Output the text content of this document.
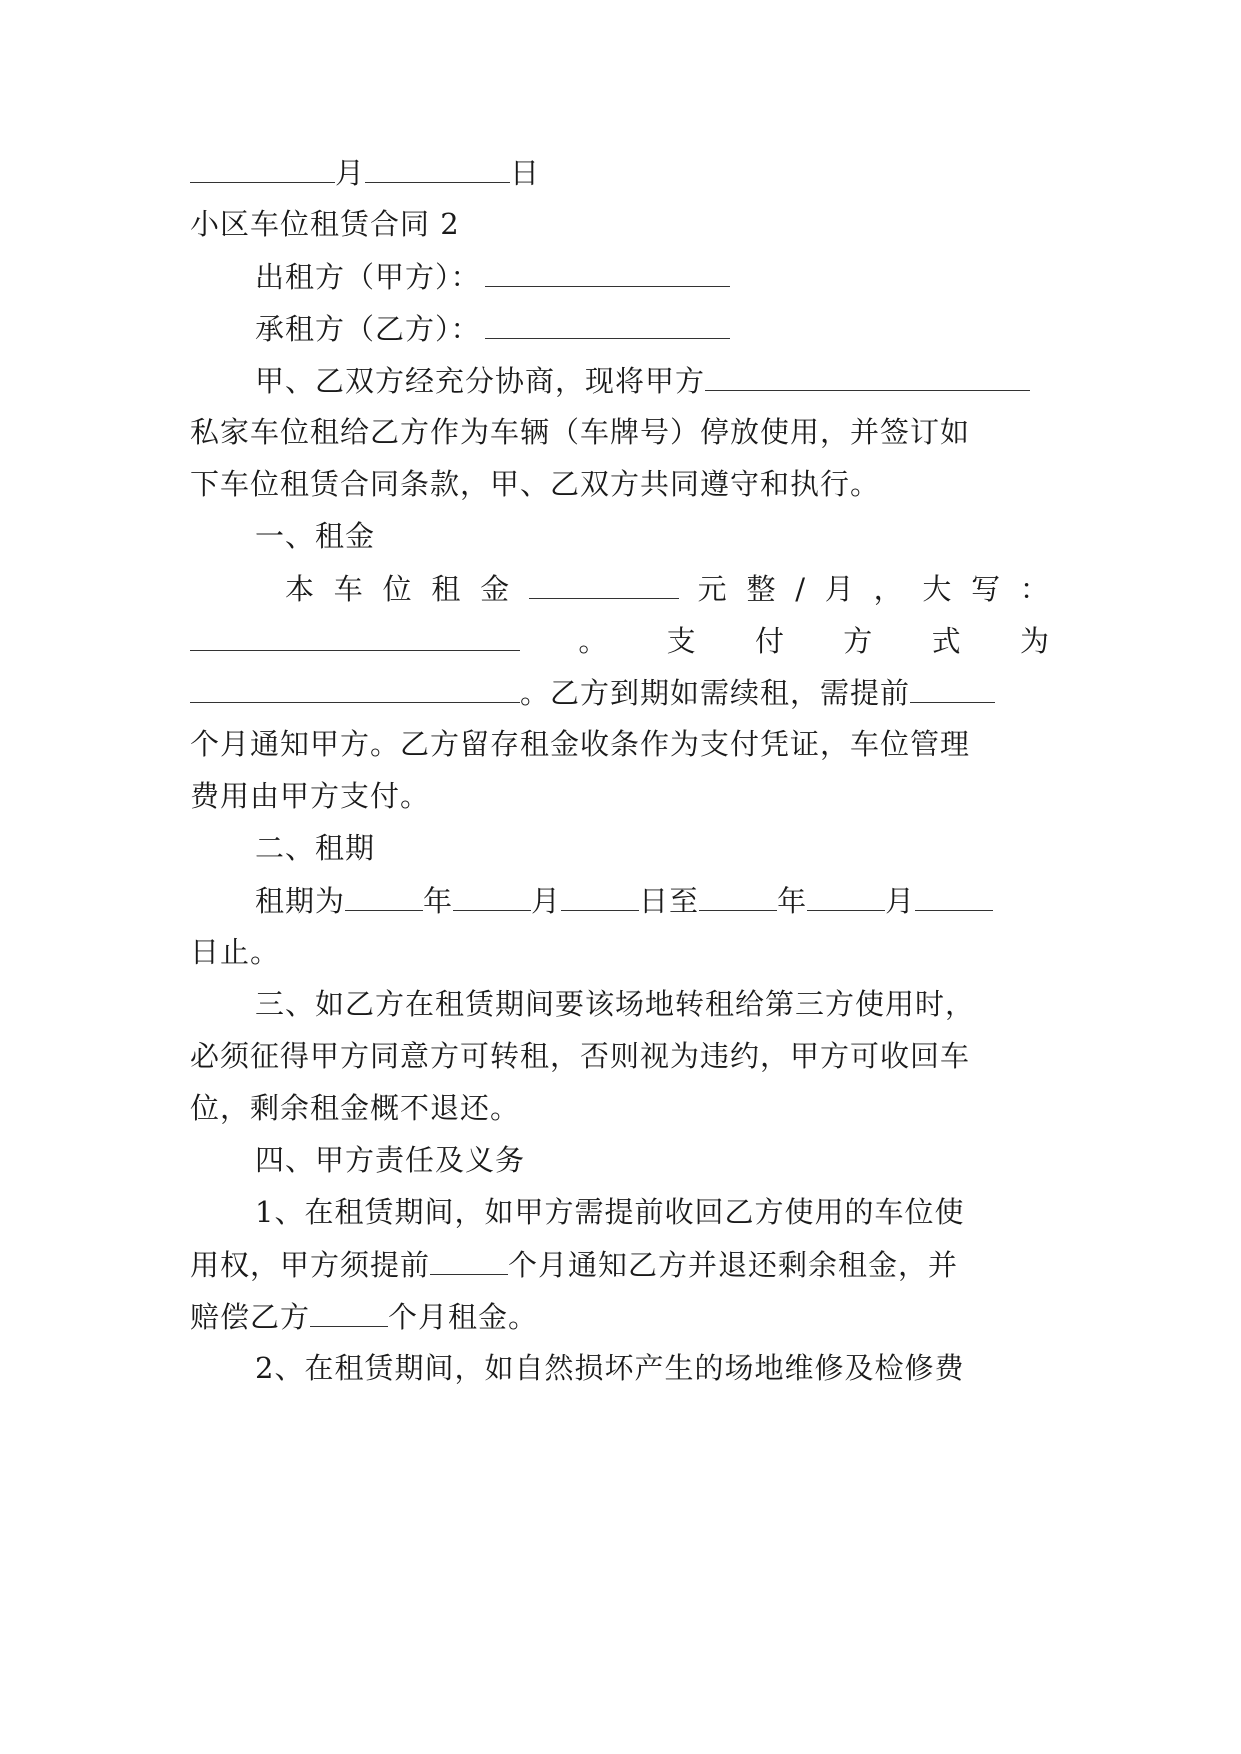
月	日
小区车位租赁合同 2
出租方（甲方）：
承租方（乙方）：
甲、乙双方经充分协商，现将甲方
私家车位租给乙方作为车辆（车牌号）停放使用，并签订如
下车位租赁合同条款，甲、乙双方共同遵守和执行。
一、租金
本 车 位 租 金	元 整 / 月 ， 大 写 ：
。 支 付 方 式 为
。乙方到期如需续租，需提前
个月通知甲方。乙方留存租金收条作为支付凭证，车位管理
费用由甲方支付。
二、租期
租期为	年	月	日至	年	月
日止。
三、如乙方在租赁期间要该场地转租给第三方使用时，
必须征得甲方同意方可转租，否则视为违约，甲方可收回车
位，剩余租金概不退还。
四、甲方责任及义务
1、在租赁期间，如甲方需提前收回乙方使用的车位使
用权，甲方须提前	个月通知乙方并退还剩余租金，并
赔偿乙方	个月租金。
2、在租赁期间，如自然损坏产生的场地维修及检修费
